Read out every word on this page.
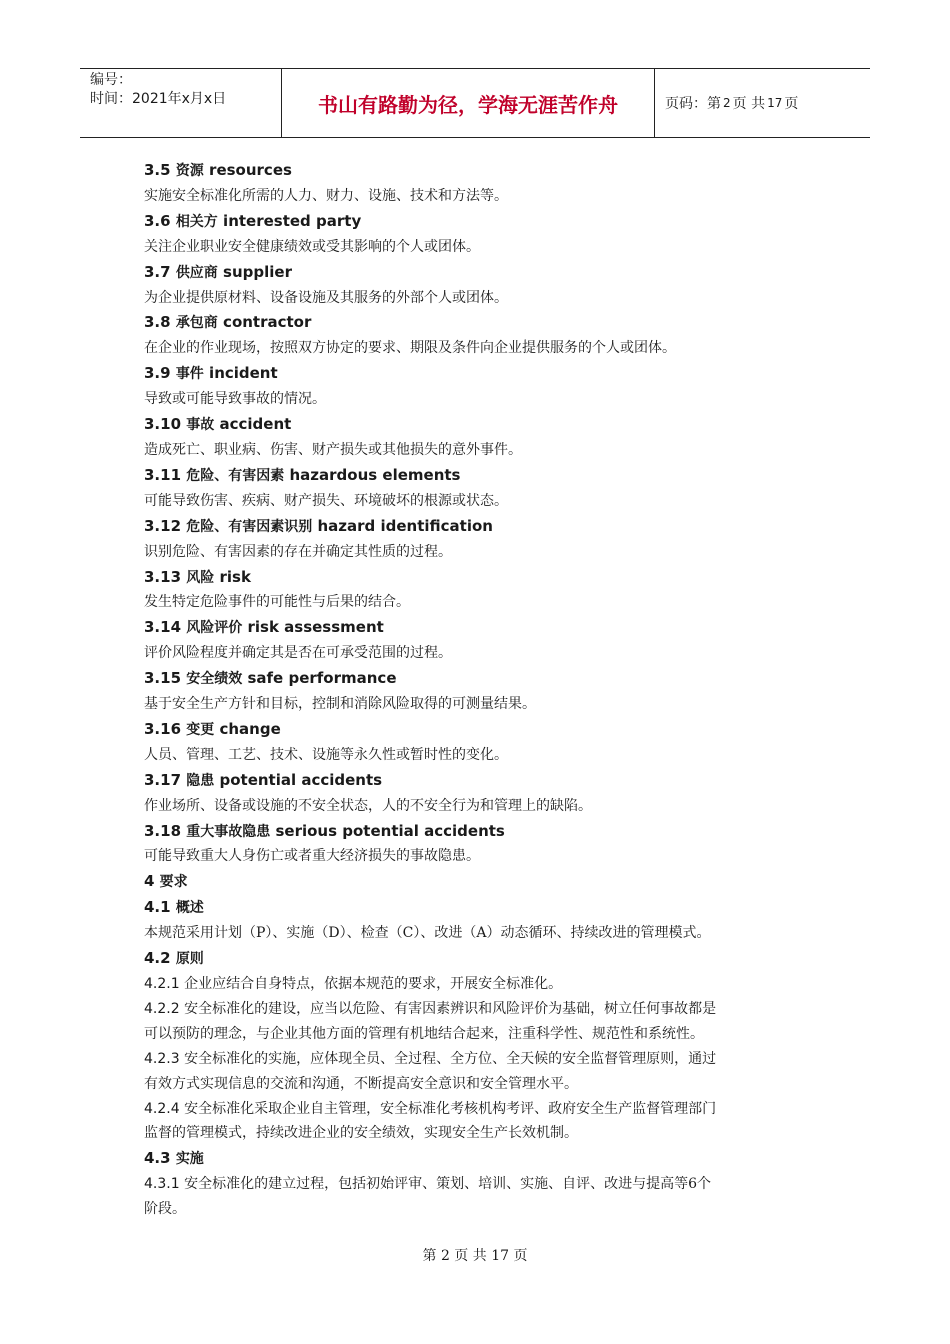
编号：
时间：2021年x月x日	书山有路勤为径，学海无涯苦作舟	页码：第 2 页 共 17 页
3.5 资源 resources
实施安全标准化所需的人力、财力、设施、技术和方法等。
3.6 相关方 interested party
关注企业职业安全健康绩效或受其影响的个人或团体。
3.7 供应商 supplier
为企业提供原材料、设备设施及其服务的外部个人或团体。
3.8 承包商 contractor
在企业的作业现场，按照双方协定的要求、期限及条件向企业提供服务的个人或团体。
3.9 事件 incident
导致或可能导致事故的情况。
3.10 事故 accident
造成死亡、职业病、伤害、财产损失或其他损失的意外事件。
3.11 危险、有害因素 hazardous elements
可能导致伤害、疾病、财产损失、环境破坏的根源或状态。
3.12 危险、有害因素识别 hazard identification
识别危险、有害因素的存在并确定其性质的过程。
3.13 风险 risk
发生特定危险事件的可能性与后果的结合。
3.14 风险评价 risk assessment
评价风险程度并确定其是否在可承受范围的过程。
3.15 安全绩效 safe performance
基于安全生产方针和目标，控制和消除风险取得的可测量结果。
3.16 变更 change
人员、管理、工艺、技术、设施等永久性或暂时性的变化。
3.17 隐患 potential accidents
作业场所、设备或设施的不安全状态，人的不安全行为和管理上的缺陷。
3.18 重大事故隐患 serious potential accidents
可能导致重大人身伤亡或者重大经济损失的事故隐患。
4 要求
4.1 概述
本规范采用计划（P）、实施（D）、检查（C）、改进（A）动态循环、持续改进的管理模式。
4.2 原则
4.2.1 企业应结合自身特点，依据本规范的要求，开展安全标准化。
4.2.2 安全标准化的建设，应当以危险、有害因素辨识和风险评价为基础，树立任何事故都是
可以预防的理念，与企业其他方面的管理有机地结合起来，注重科学性、规范性和系统性。
4.2.3 安全标准化的实施，应体现全员、全过程、全方位、全天候的安全监督管理原则，通过
有效方式实现信息的交流和沟通，不断提高安全意识和安全管理水平。
4.2.4 安全标准化采取企业自主管理，安全标准化考核机构考评、政府安全生产监督管理部门
监督的管理模式，持续改进企业的安全绩效，实现安全生产长效机制。
4.3 实施
4.3.1 安全标准化的建立过程，包括初始评审、策划、培训、实施、自评、改进与提高等6个
阶段。
第 2 页 共 17 页
